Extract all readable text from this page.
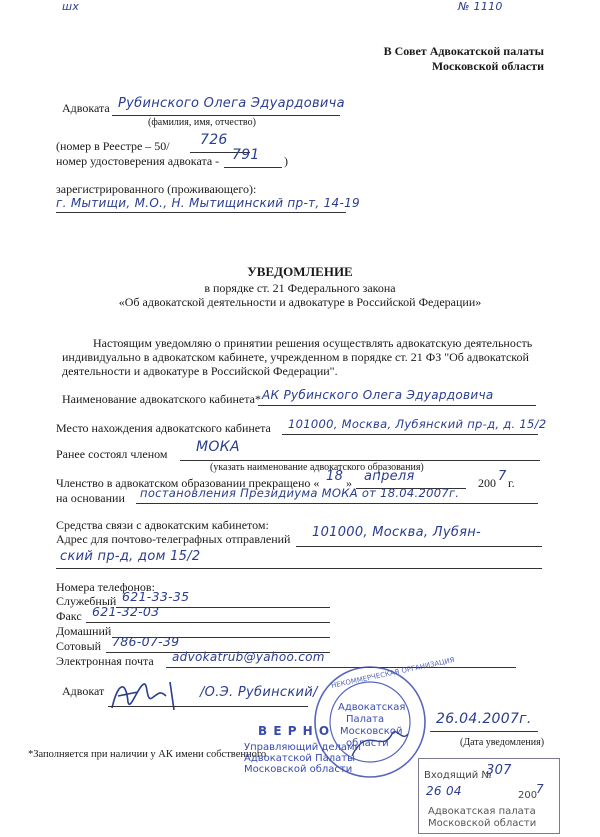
шх	№ 1110
В Совет Адвокатской палаты
Московской области
Адвоката Рубинского Олега Эдуардовича
(фамилия, имя, отчество)
(номер в Реестре – 50/ 726
номер удостоверения адвоката - 791 )
зарегистрированного (проживающего):
г. Мытищи, М.О., Н. Мытищинский пр-т, 14-19
УВЕДОМЛЕНИЕ
в порядке ст. 21 Федерального закона
«Об адвокатской деятельности и адвокатуре в Российской Федерации»
Настоящим уведомляю о принятии решения осуществлять адвокатскую деятельность
индивидуально в адвокатском кабинете, учрежденном в порядке ст. 21 ФЗ "Об адвокатской
деятельности и адвокатуре в Российской Федерации".
Наименование адвокатского кабинета* АК Рубинского Олега Эдуардовича
Место нахождения адвокатского кабинета 101000, Москва, Лубянский пр-д, д. 15/2
Ранее состоял членом МОКА
(указать наименование адвокатского образования)
Членство в адвокатском образовании прекращено « 18 » апреля	200 7 г.
на основании постановления Президиума МОКА от 18.04.2007г.
Средства связи с адвокатским кабинетом:
Адрес для почтово-телеграфных отправлений 101000, Москва, Лубян-
ский пр-д, дом 15/2
Номера телефонов:
Служебный 621-33-35
Факс 621-32-03
Домашний
Сотовый 786-07-39
Электронная почта advokatrub@yahoo.com
Адвокат	/О.Э. Рубинский/
26.04.2007г.
(Дата уведомления)
*Заполняется при наличии у АК имени собственного
НЕКОММЕРЧЕСКАЯ ОРГАНИЗАЦИЯ
Адвокатская
Палата
Московской
области
В Е Р Н О
Управляющий делами
Адвокатской Палаты
Московской области
Входящий №
307
26 04	200
7
Адвокатская палата
Московской области
